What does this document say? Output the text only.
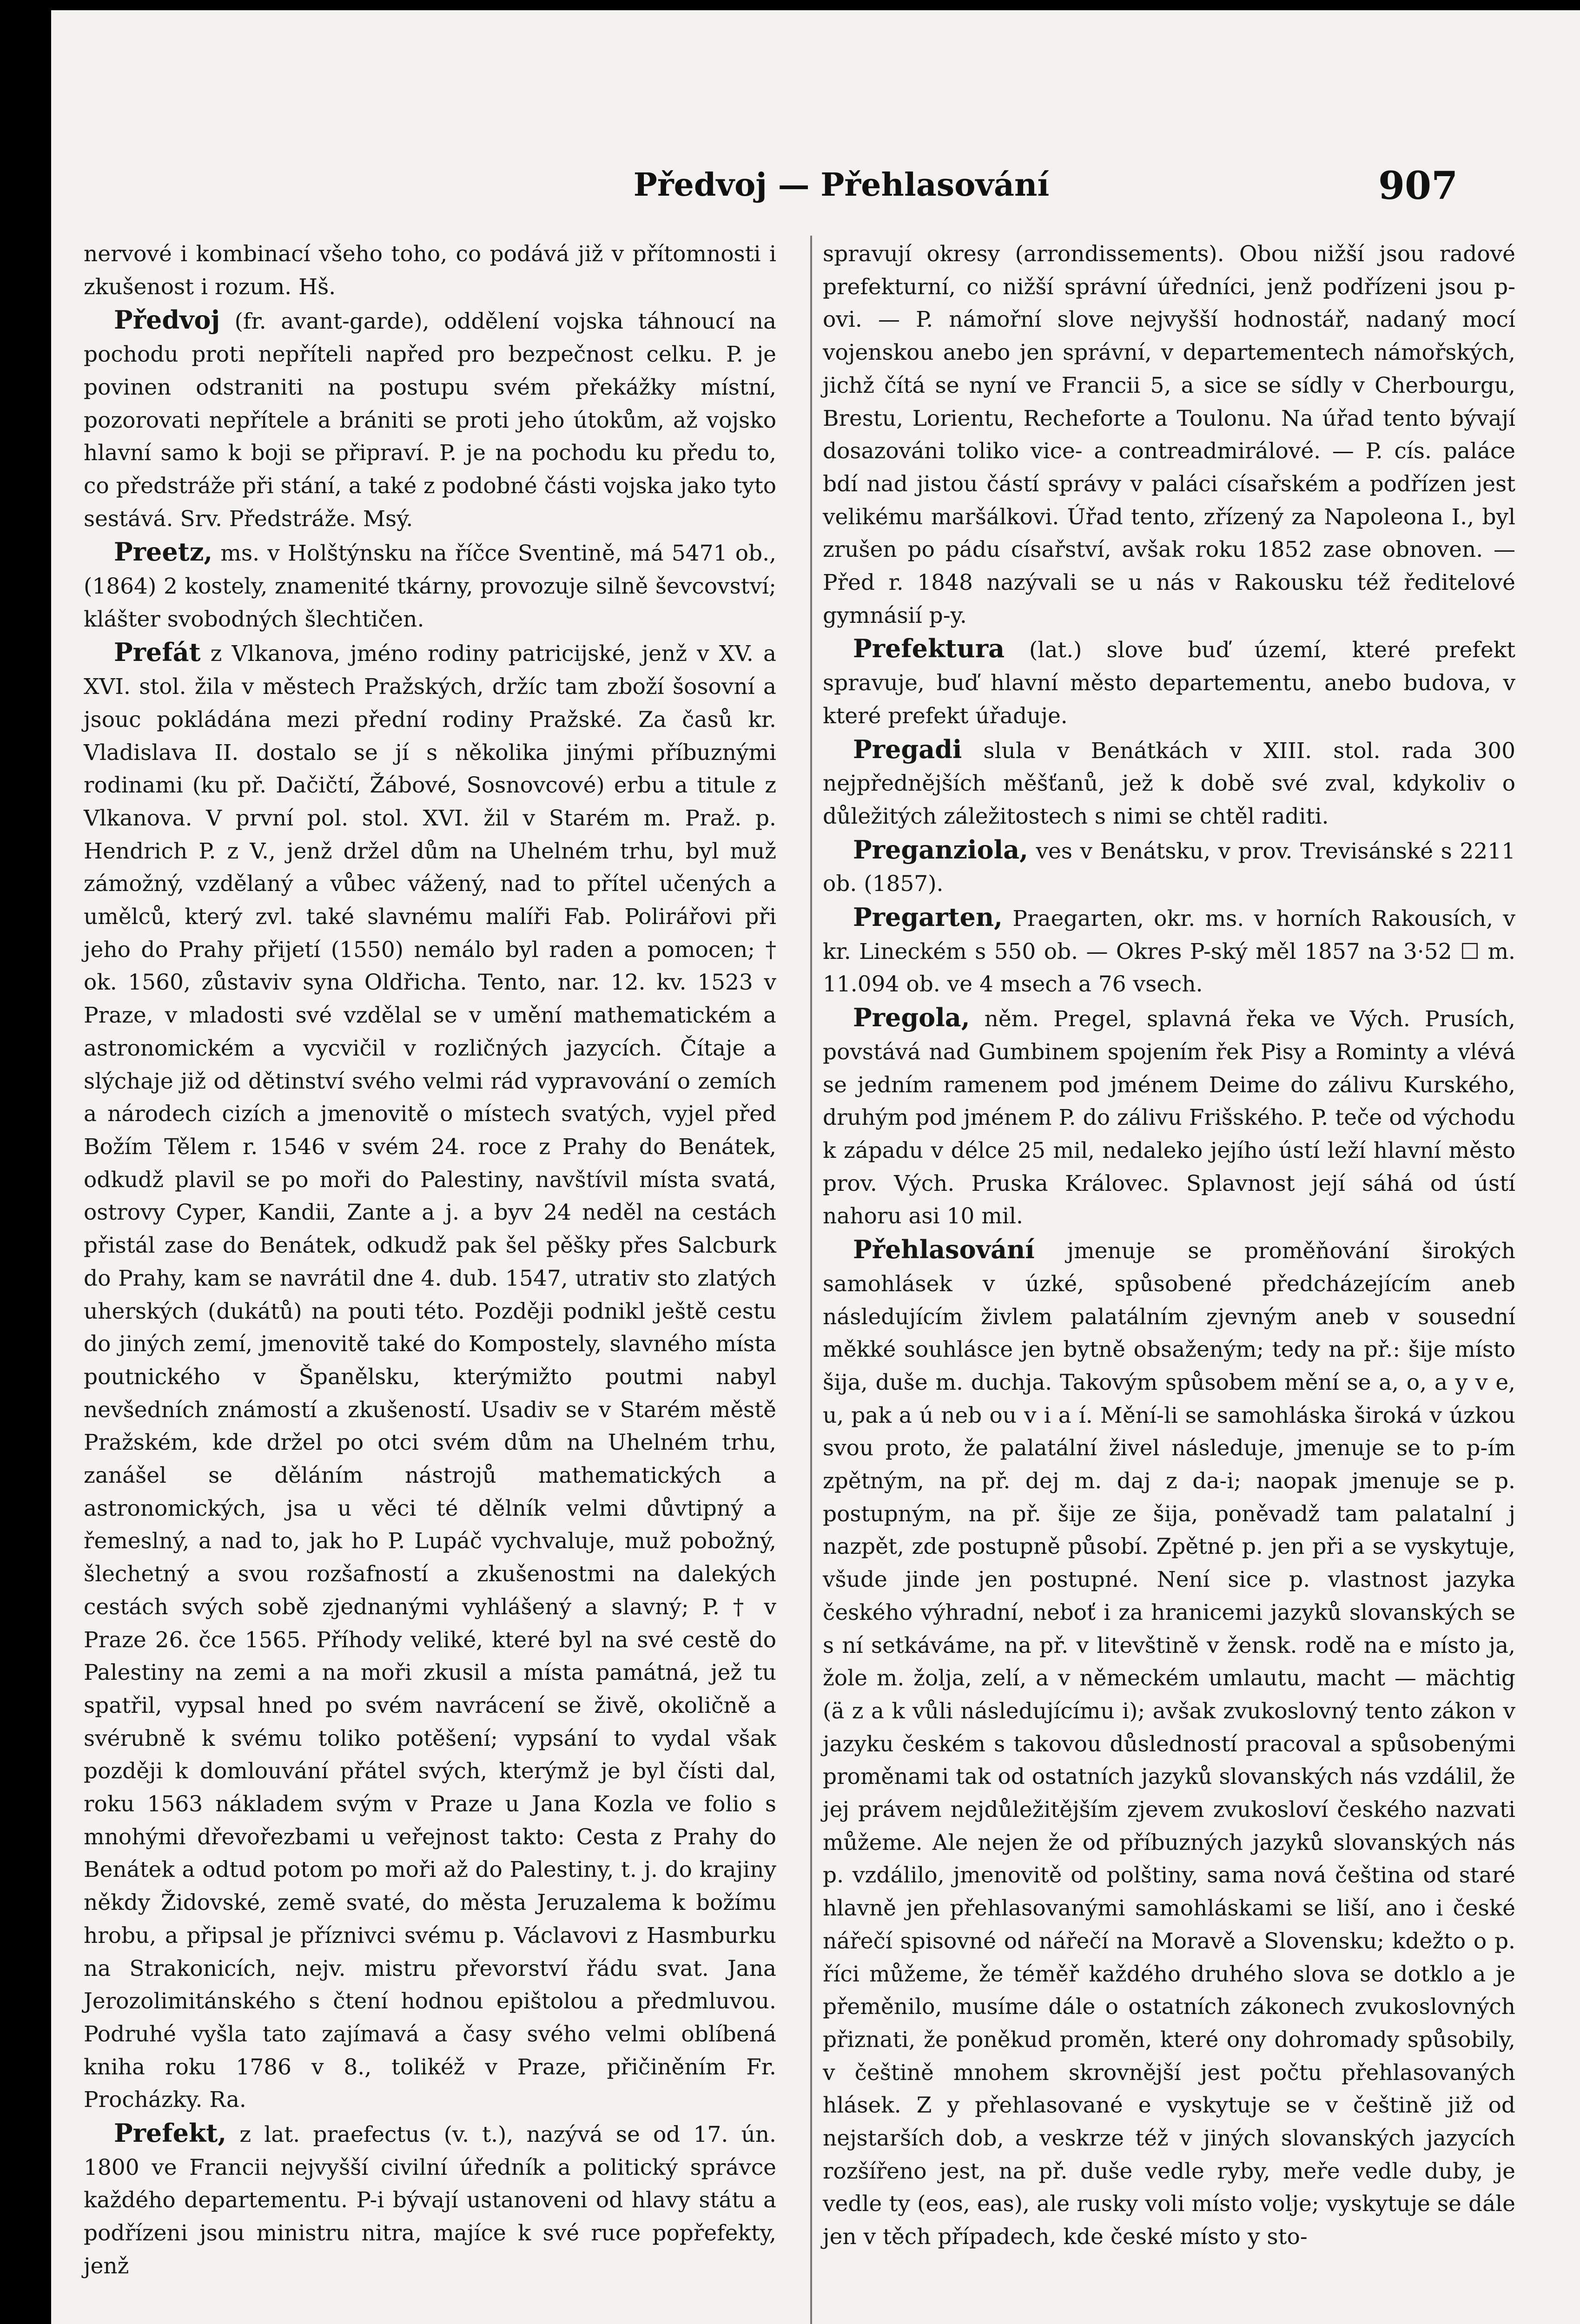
Předvoj — Přehlasování	907

nervové i kombinací všeho toho, co podává již v přítomnosti i zkušenost i rozum. Hš.

Předvoj (fr. avant-garde), oddělení vojska táhnoucí na pochodu proti nepříteli napřed pro bezpečnost celku. P. je povinen odstraniti na postupu svém překážky místní, pozorovati nepřítele a brániti se proti jeho útokům, až vojsko hlavní samo k boji se připraví. P. je na pochodu ku předu to, co předstráže při stání, a také z podobné části vojska jako tyto sestává. Srv. Předstráže. Msý.

Preetz, ms. v Holštýnsku na říčce Sventině, má 5471 ob., (1864) 2 kostely, znamenité tkárny, provozuje silně ševcovství; klášter svobodných šlechtičen.

Prefát z Vlkanova, jméno rodiny patricijské, jenž v XV. a XVI. stol. žila v městech Pražských, držíc tam zboží šosovní a jsouc pokládána mezi přední rodiny Pražské. Za časů kr. Vladislava II. dostalo se jí s několika jinými příbuznými rodinami (ku př. Dačičtí, Žábové, Sosnovcové) erbu a titule z Vlkanova. V první pol. stol. XVI. žil v Starém m. Praž. p. Hendrich P. z V., jenž držel dům na Uhelném trhu, byl muž zámožný, vzdělaný a vůbec vážený, nad to přítel učených a umělců, který zvl. také slavnému malíři Fab. Polirářovi při jeho do Prahy přijetí (1550) nemálo byl raden a pomocen; † ok. 1560, zůstaviv syna Oldřicha. Tento, nar. 12. kv. 1523 v Praze, v mladosti své vzdělal se v umění mathematickém a astronomickém a vycvičil v rozličných jazycích. Čítaje a slýchaje již od dětinství svého velmi rád vypravování o zemích a národech cizích a jmenovitě o místech svatých, vyjel před Božím Tělem r. 1546 v svém 24. roce z Prahy do Benátek, odkudž plavil se po moři do Palestiny, navštívil místa svatá, ostrovy Cyper, Kandii, Zante a j. a byv 24 neděl na cestách přistál zase do Benátek, odkudž pak šel pěšky přes Salcburk do Prahy, kam se navrátil dne 4. dub. 1547, utrativ sto zlatých uherských (dukátů) na pouti této. Později podnikl ještě cestu do jiných zemí, jmenovitě také do Kompostely, slavného místa poutnického v Španělsku, kterýmižto poutmi nabyl nevšedních známostí a zkušeností. Usadiv se v Starém městě Pražském, kde držel po otci svém dům na Uhelném trhu, zanášel se děláním nástrojů mathematických a astronomických, jsa u věci té dělník velmi důvtipný a řemeslný, a nad to, jak ho P. Lupáč vychvaluje, muž pobožný, šlechetný a svou rozšafností a zkušenostmi na dalekých cestách svých sobě zjednanými vyhlášený a slavný; P. † v Praze 26. čce 1565. Příhody veliké, které byl na své cestě do Palestiny na zemi a na moři zkusil a místa památná, jež tu spatřil, vypsal hned po svém navrácení se živě, okoličně a svérubně k svému toliko potěšení; vypsání to vydal však později k domlouvání přátel svých, kterýmž je byl čísti dal, roku 1563 nákladem svým v Praze u Jana Kozla ve folio s mnohými dřevořezbami u veřejnost takto: Cesta z Prahy do Benátek a odtud potom po moři až do Palestiny, t. j. do krajiny někdy Židovské, země svaté, do města Jeruzalema k božímu hrobu, a připsal je příznivci svému p. Václavovi z Hasmburku na Strakonicích, nejv. mistru převorství řádu svat. Jana Jerozolimitánského s čtení hodnou epištolou a předmluvou. Podruhé vyšla tato zajímavá a časy svého velmi oblíbená kniha roku 1786 v 8., tolikéž v Praze, přičiněním Fr. Procházky. Ra.

Prefekt, z lat. praefectus (v. t.), nazývá se od 17. ún. 1800 ve Francii nejvyšší civilní úředník a politický správce každého departementu. P-i bývají ustanoveni od hlavy státu a podřízeni jsou ministru nitra, majíce k své ruce popřefekty, jenž

spravují okresy (arrondissements). Obou nižší jsou radové prefekturní, co nižší správní úředníci, jenž podřízeni jsou p-ovi. — P. námořní slove nejvyšší hodnostář, nadaný mocí vojenskou anebo jen správní, v departementech námořských, jichž čítá se nyní ve Francii 5, a sice se sídly v Cherbourgu, Brestu, Lorientu, Recheforte a Toulonu. Na úřad tento bývají dosazováni toliko vice- a contreadmirálové. — P. cís. paláce bdí nad jistou částí správy v paláci císařském a podřízen jest velikému maršálkovi. Úřad tento, zřízený za Napoleona I., byl zrušen po pádu císařství, avšak roku 1852 zase obnoven. — Před r. 1848 nazývali se u nás v Rakousku též ředitelové gymnásií p-y.

Prefektura (lat.) slove buď území, které prefekt spravuje, buď hlavní město departementu, anebo budova, v které prefekt úřaduje.

Pregadi slula v Benátkách v XIII. stol. rada 300 nejpřednějších měšťanů, jež k době své zval, kdykoliv o důležitých záležitostech s nimi se chtěl raditi.

Preganziola, ves v Benátsku, v prov. Trevisánské s 2211 ob. (1857).

Pregarten, Praegarten, okr. ms. v horních Rakousích, v kr. Lineckém s 550 ob. — Okres P-ský měl 1857 na 3·52 ☐ m. 11.094 ob. ve 4 msech a 76 vsech.

Pregola, něm. Pregel, splavná řeka ve Vých. Prusích, povstává nad Gumbinem spojením řek Pisy a Rominty a vlévá se jedním ramenem pod jménem Deime do zálivu Kurského, druhým pod jménem P. do zálivu Frišského. P. teče od východu k západu v délce 25 mil, nedaleko jejího ústí leží hlavní město prov. Vých. Pruska Královec. Splavnost její sáhá od ústí nahoru asi 10 mil.

Přehlasování jmenuje se proměňování širokých samohlásek v úzké, spůsobené předcházejícím aneb následujícím živlem palatálním zjevným aneb v sousední měkké souhlásce jen bytně obsaženým; tedy na př.: šije místo šija, duše m. duchja. Takovým spůsobem mění se a, o, a y v e, u, pak a ú neb ou v i a í. Mění-li se samohláska široká v úzkou svou proto, že palatální živel následuje, jmenuje se to p-ím zpětným, na př. dej m. daj z da-i; naopak jmenuje se p. postupným, na př. šije ze šija, poněvadž tam palatalní j nazpět, zde postupně působí. Zpětné p. jen při a se vyskytuje, všude jinde jen postupné. Není sice p. vlastnost jazyka českého výhradní, neboť i za hranicemi jazyků slovanských se s ní setkáváme, na př. v litevštině v žensk. rodě na e místo ja, žole m. žolja, zelí, a v německém umlautu, macht — mächtig (ä z a k vůli následujícímu i); avšak zvukoslovný tento zákon v jazyku českém s takovou důsledností pracoval a spůsobenými proměnami tak od ostatních jazyků slovanských nás vzdálil, že jej právem nejdůležitějším zjevem zvukosloví českého nazvati můžeme. Ale nejen že od příbuzných jazyků slovanských nás p. vzdálilo, jmenovitě od polštiny, sama nová čeština od staré hlavně jen přehlasovanými samohláskami se liší, ano i české nářečí spisovné od nářečí na Moravě a Slovensku; kdežto o p. říci můžeme, že téměř každého druhého slova se dotklo a je přeměnilo, musíme dále o ostatních zákonech zvukoslovných přiznati, že poněkud proměn, které ony dohromady spůsobily, v češtině mnohem skrovnější jest počtu přehlasovaných hlásek. Z y přehlasované e vyskytuje se v češtině již od nejstarších dob, a veskrze též v jiných slovanských jazycích rozšířeno jest, na př. duše vedle ryby, meře vedle duby, je vedle ty (eos, eas), ale rusky voli místo volje; vyskytuje se dále jen v těch případech, kde české místo y sto-
